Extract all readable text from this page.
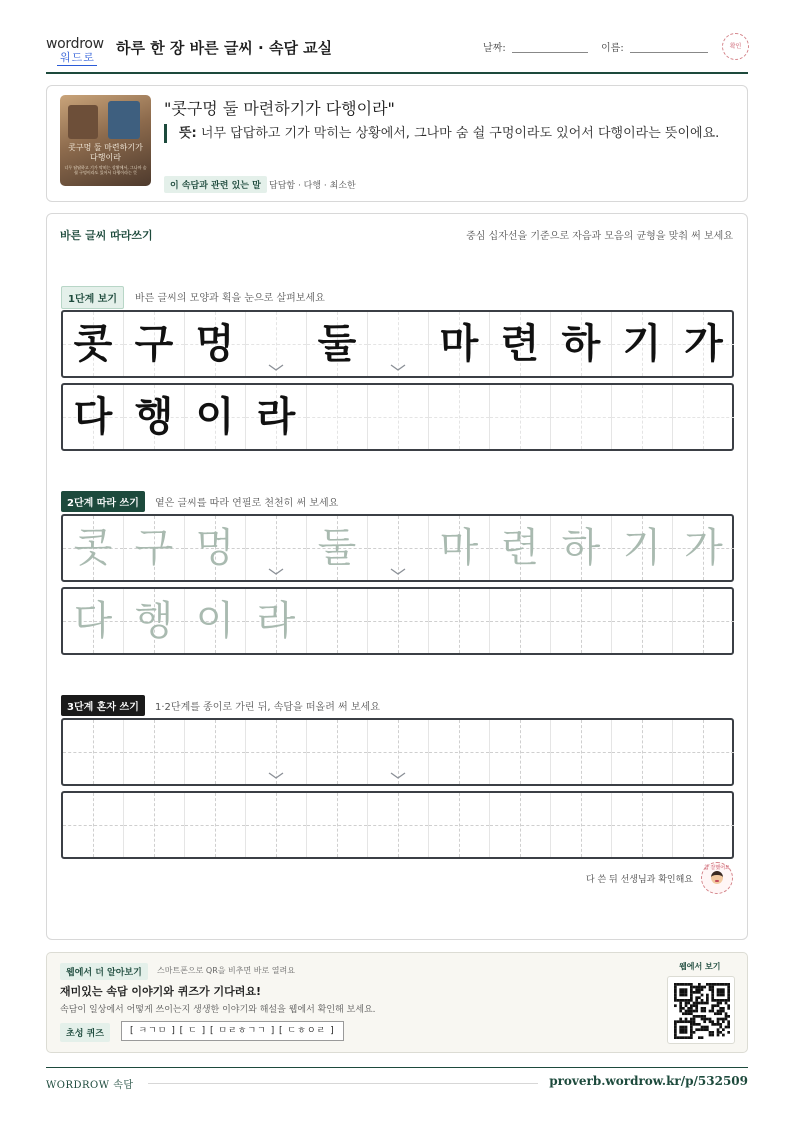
wordrow
워드로
하루 한 장 바른 글씨 · 속담 교실	날짜:	이름:	확인
콧구멍 둘 마련하기가 다행이라
너무 답답하고 기가 막히는 상황에서, 그나마 숨 쉴 구멍이라도 있어서 다행이라는 뜻
"콧구멍 둘 마련하기가 다행이라"
뜻: 너무 답답하고 기가 막히는 상황에서, 그나마 숨 쉴 구멍이라도 있어서 다행이라는 뜻이에요.
이 속담과 관련 있는 말 답답함 · 다행 · 최소한
바른 글씨 따라쓰기	중심 십자선을 기준으로 자음과 모음의 균형을 맞춰 써 보세요
1단계 보기	바른 글씨의 모양과 획을 눈으로 살펴보세요
콧 구 멍 둘 마 련 하 기 가
다 행 이 라
2단계 따라 쓰기	옅은 글씨를 따라 연필로 천천히 써 보세요
콧 구 멍 둘 마 련 하 기 가
다 행 이 라
3단계 혼자 쓰기	1·2단계를 종이로 가린 뒤, 속담을 떠올려 써 보세요
다 쓴 뒤 선생님과 확인해요
참 잘했어요
웹에서 더 알아보기	스마트폰으로 QR을 비추면 바로 열려요
재미있는 속담 이야기와 퀴즈가 기다려요!
속담이 일상에서 어떻게 쓰이는지 생생한 이야기와 해설을 웹에서 확인해 보세요.
초성 퀴즈	[ ㅋㄱㅁ ] [ ㄷ ] [ ㅁㄹㅎㄱㄱ ] [ ㄷㅎㅇㄹ ]
웹에서 보기
WORDROW 속담	proverb.wordrow.kr/p/532509
